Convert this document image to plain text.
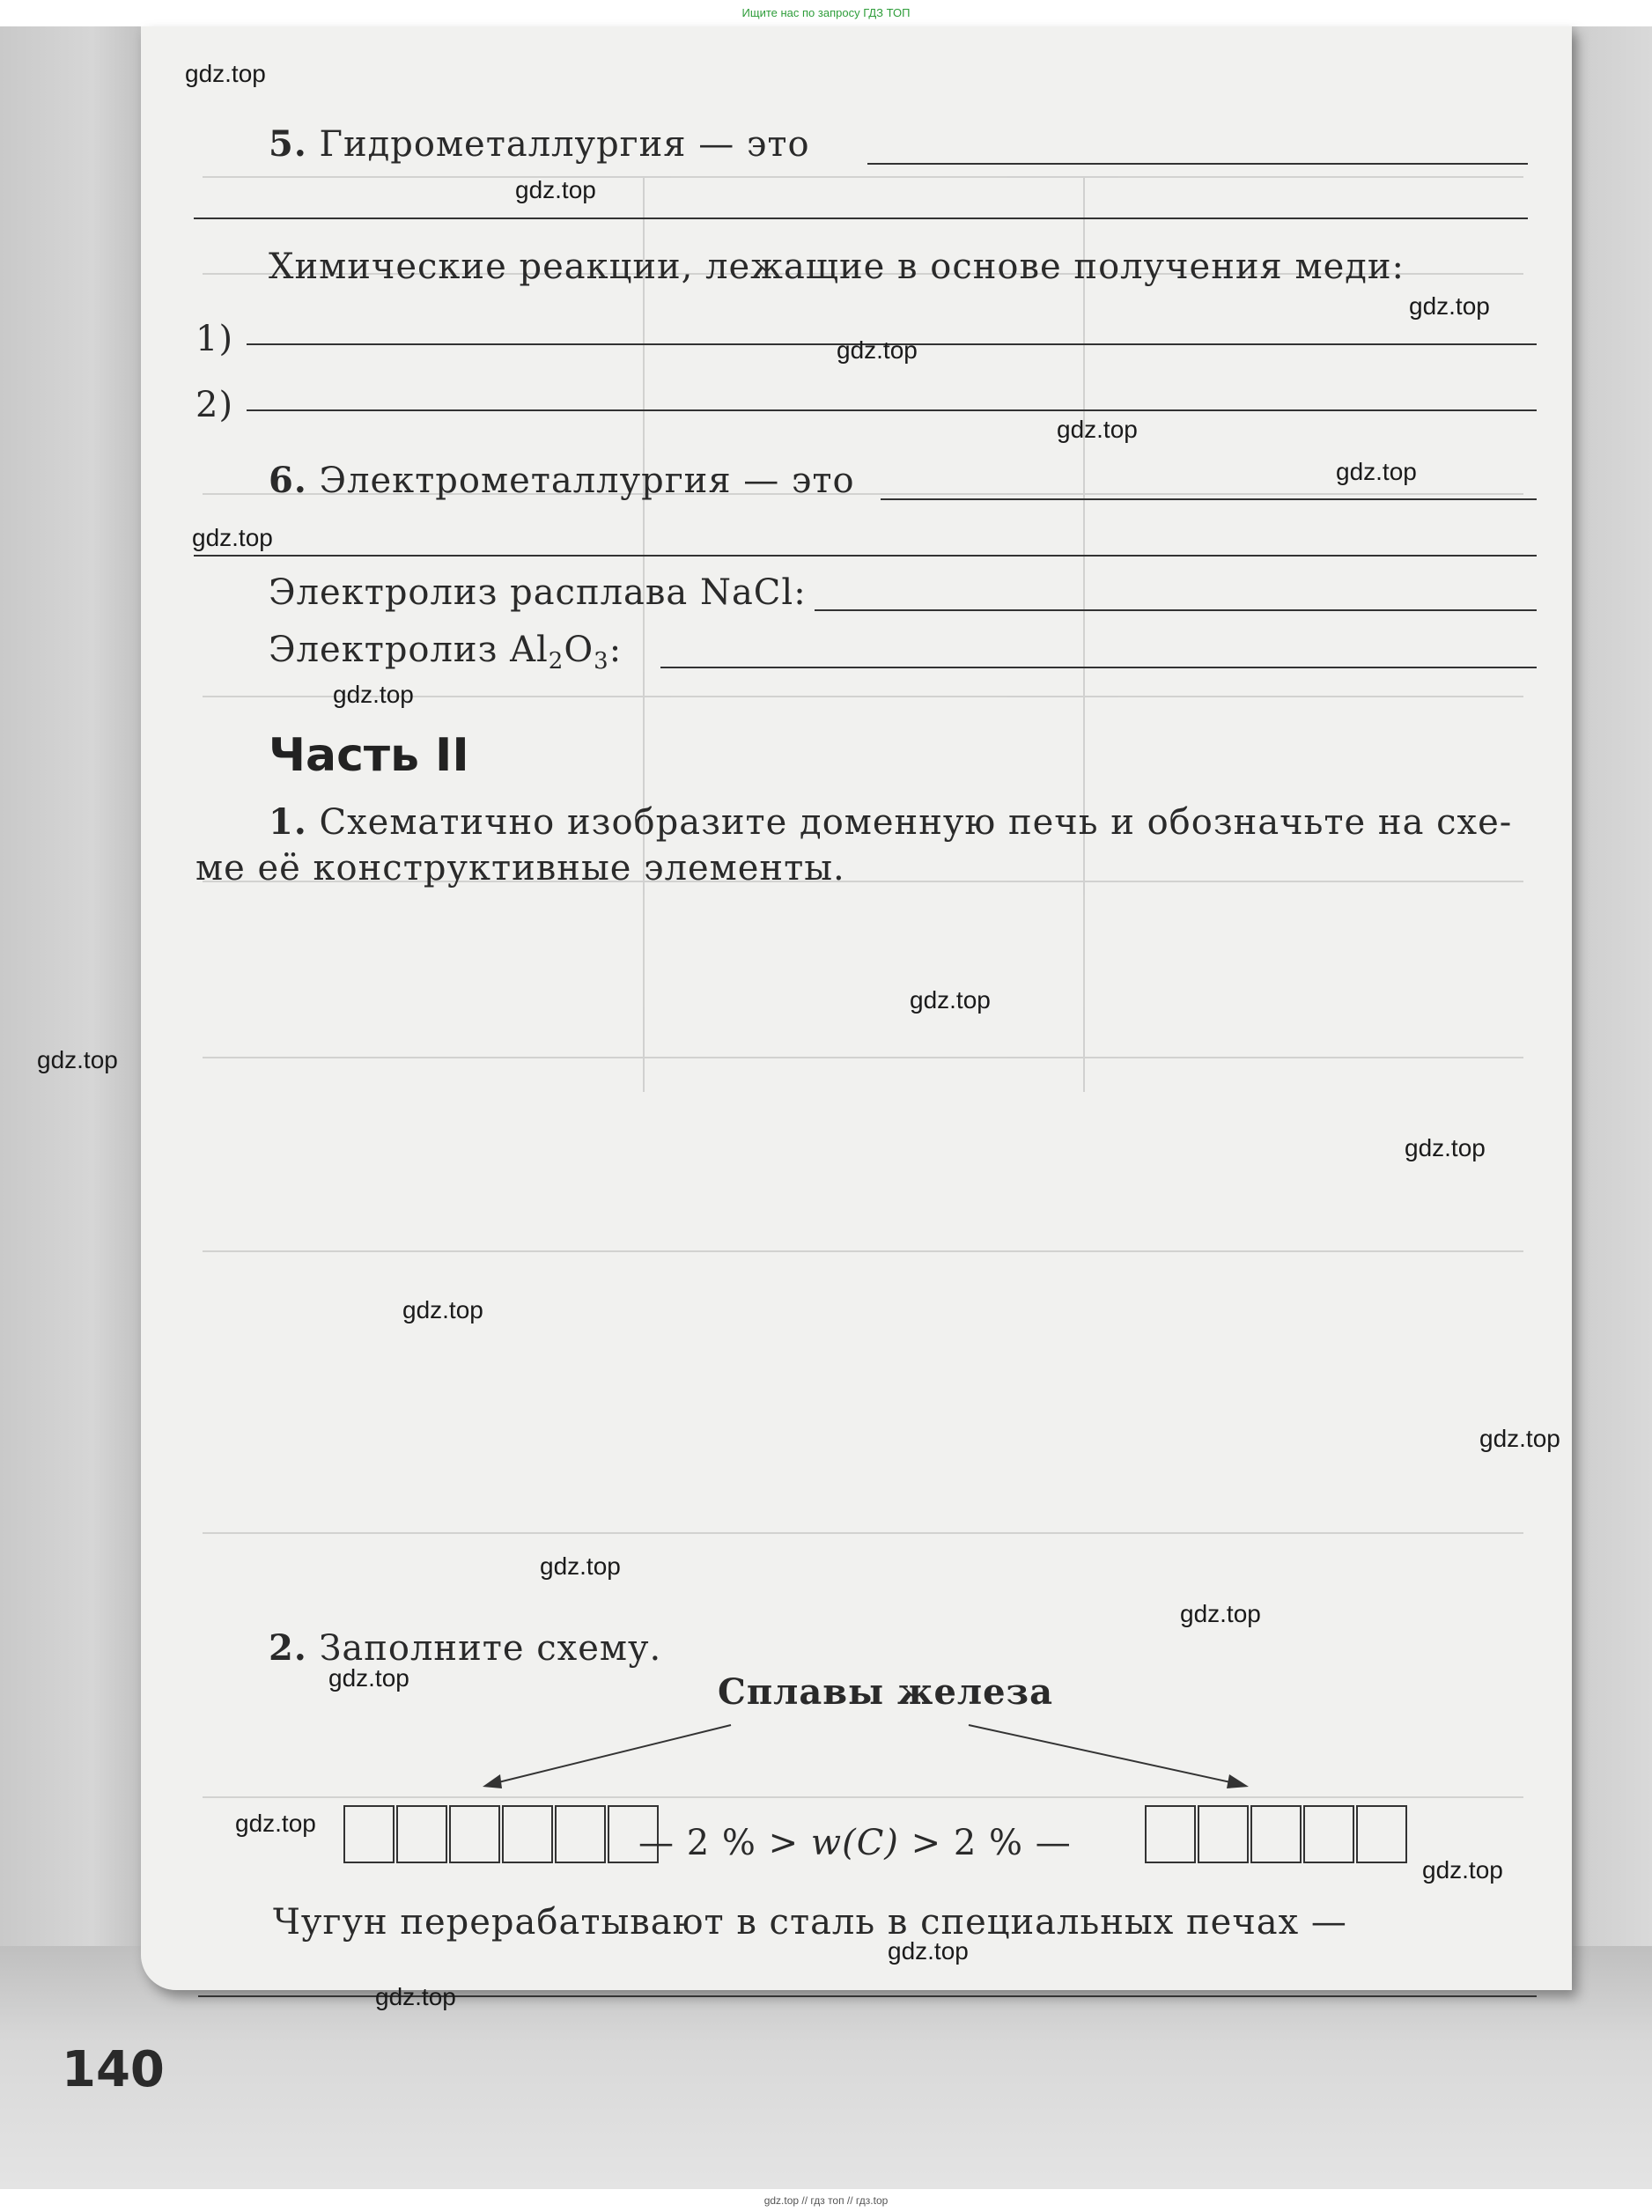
Ищите нас по запросу ГДЗ ТОП
5. Гидрометаллургия — это
Химические реакции, лежащие в основе получения меди:
1)
2)
6. Электрометаллургия — это
Электролиз расплава NaCl:
Электролиз $Al_2O_3$:
Часть II
1. Схематично изобразите доменную печь и обозначьте на схе-
ме её конструктивные элементы.
2. Заполните схему.
Сплавы железа
— 2 % > w(C) > 2 % —
Чугун перерабатывают в сталь в специальных печах —
140
gdz.top
gdz.top
gdz.top
gdz.top
gdz.top
gdz.top
gdz.top
gdz.top
gdz.top
gdz.top
gdz.top
gdz.top
gdz.top
gdz.top
gdz.top
gdz.top
gdz.top
gdz.top
gdz.top
gdz.top
gdz.top // гдз топ // гдз.top
